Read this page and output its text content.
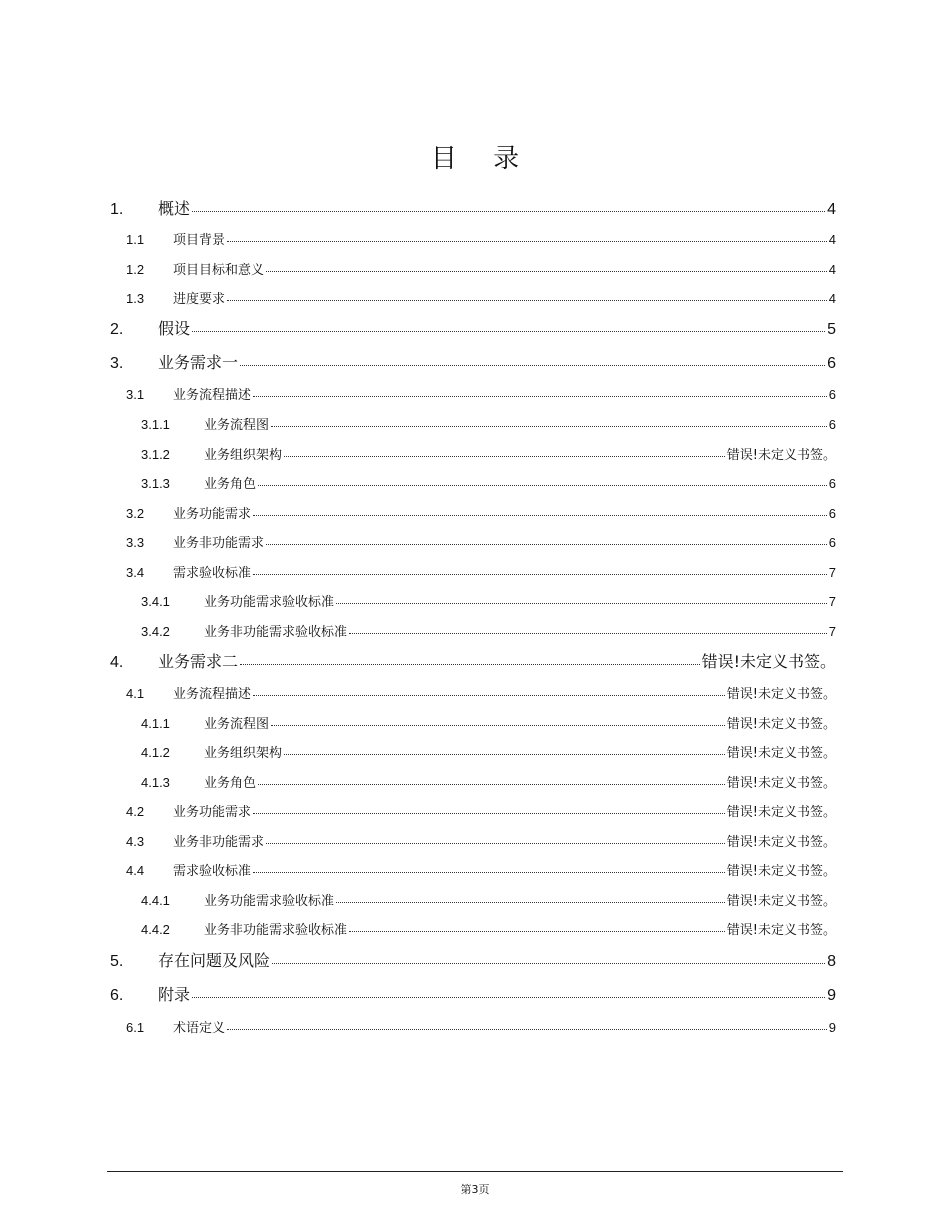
目 录
1.	概述	4
1.1	项目背景	4
1.2	项目目标和意义	4
1.3	进度要求	4
2.	假设	5
3.	业务需求一	6
3.1	业务流程描述	6
3.1.1	业务流程图	6
3.1.2	业务组织架构	错误!未定义书签。
3.1.3	业务角色	6
3.2	业务功能需求	6
3.3	业务非功能需求	6
3.4	需求验收标准	7
3.4.1	业务功能需求验收标准	7
3.4.2	业务非功能需求验收标准	7
4.	业务需求二	错误!未定义书签。
4.1	业务流程描述	错误!未定义书签。
4.1.1	业务流程图	错误!未定义书签。
4.1.2	业务组织架构	错误!未定义书签。
4.1.3	业务角色	错误!未定义书签。
4.2	业务功能需求	错误!未定义书签。
4.3	业务非功能需求	错误!未定义书签。
4.4	需求验收标准	错误!未定义书签。
4.4.1	业务功能需求验收标准	错误!未定义书签。
4.4.2	业务非功能需求验收标准	错误!未定义书签。
5.	存在问题及风险	8
6.	附录	9
6.1	术语定义	9
第3页
